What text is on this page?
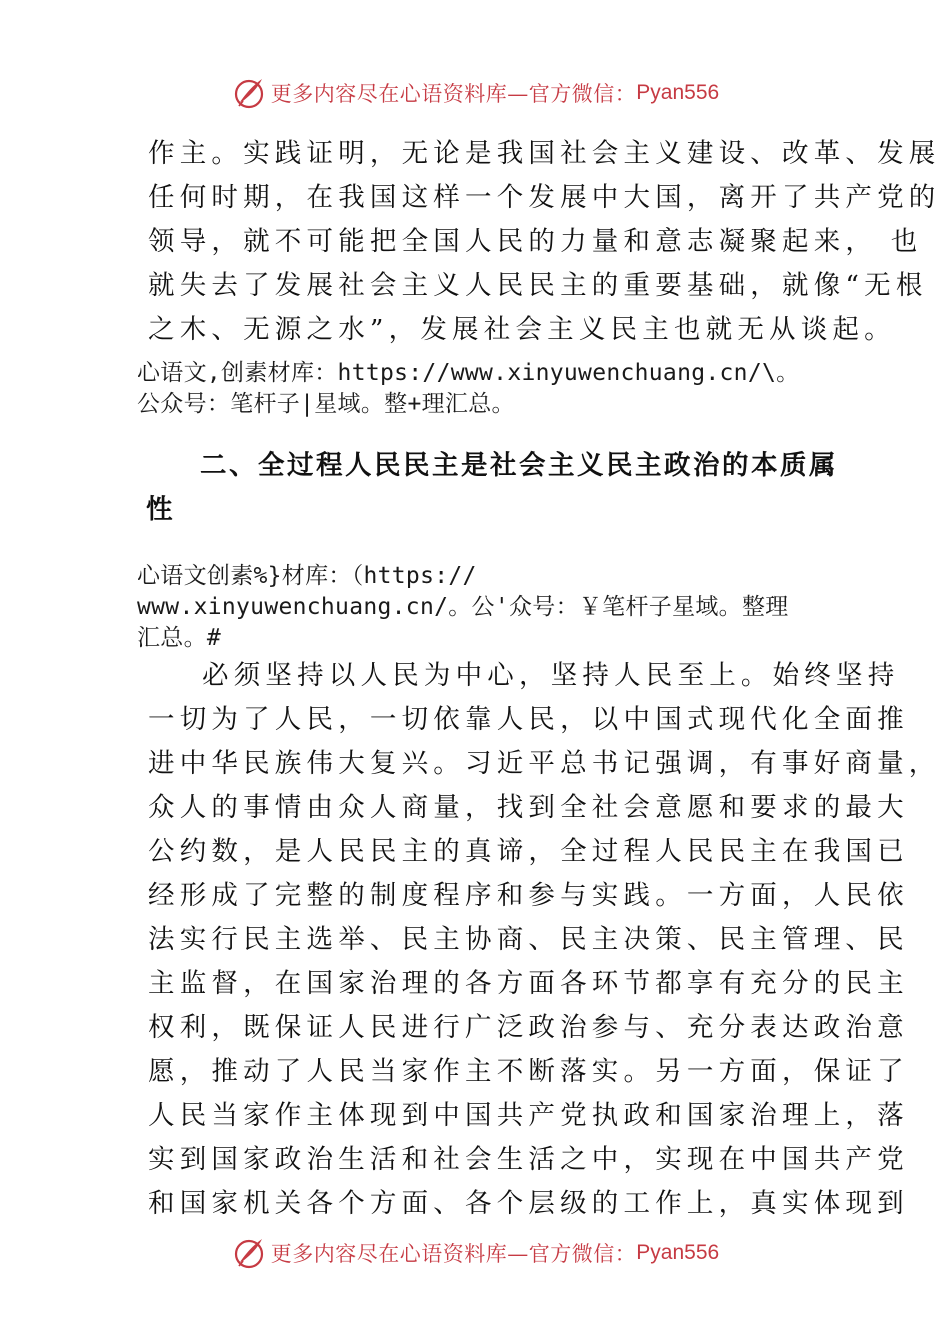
更多内容尽在心语资料库—官方微信： Pyan556
作主。实践证明，无论是我国社会主义建设、改革、发展
任何时期，在我国这样一个发展中大国，离开了共产党的
领导，就不可能把全国人民的力量和意志凝聚起来， 也
就失去了发展社会主义人民民主的重要基础，就像“无根
之木、无源之水”，发展社会主义民主也就无从谈起。
心语文,创素材库：https://www.xinyuwenchuang.cn/\。
公众号：笔杆子|星域。整+理汇总。
二、全过程人民民主是社会主义民主政治的本质属
性
心语文创素%}材库：（https://
www.xinyuwenchuang.cn/。公'众号：￥笔杆子星域。整理
汇总。#
必须坚持以人民为中心，坚持人民至上。始终坚持
一切为了人民，一切依靠人民，以中国式现代化全面推
进中华民族伟大复兴。习近平总书记强调，有事好商量，
众人的事情由众人商量，找到全社会意愿和要求的最大
公约数，是人民民主的真谛，全过程人民民主在我国已
经形成了完整的制度程序和参与实践。一方面，人民依
法实行民主选举、民主协商、民主决策、民主管理、民
主监督，在国家治理的各方面各环节都享有充分的民主
权利，既保证人民进行广泛政治参与、充分表达政治意
愿，推动了人民当家作主不断落实。另一方面，保证了
人民当家作主体现到中国共产党执政和国家治理上，落
实到国家政治生活和社会生活之中，实现在中国共产党
和国家机关各个方面、各个层级的工作上，真实体现到
更多内容尽在心语资料库—官方微信： Pyan556
